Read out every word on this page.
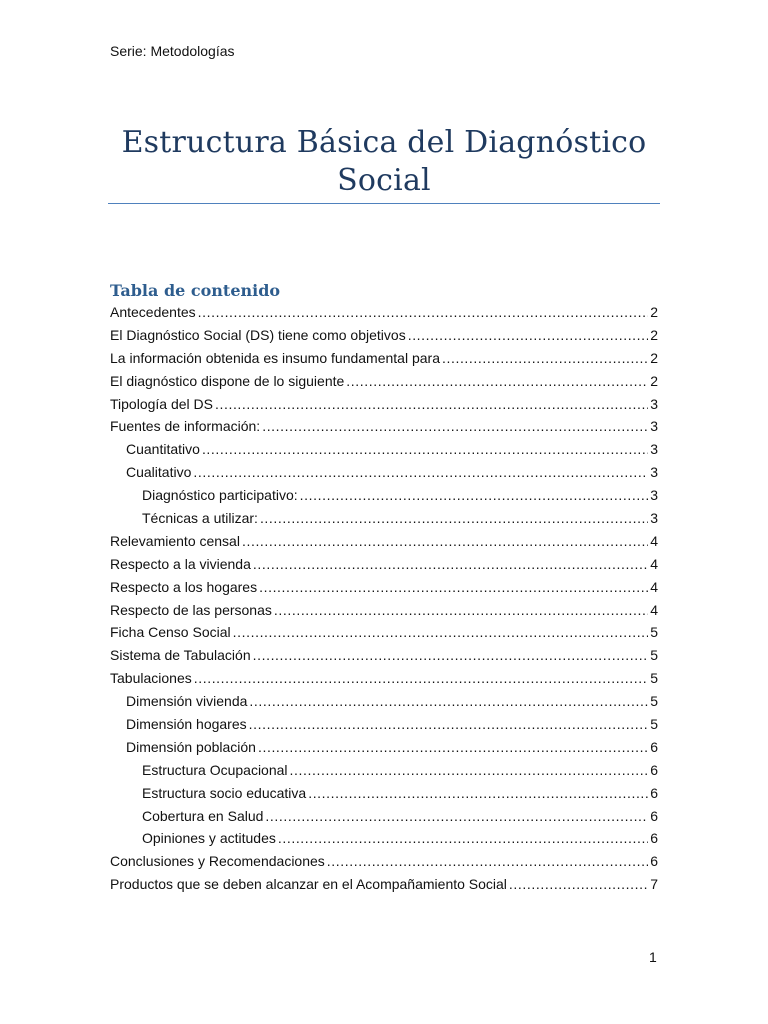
Serie: Metodologías
Estructura Básica del Diagnóstico Social
Tabla de contenido
Antecedentes .....	2
El Diagnóstico Social (DS) tiene como objetivos .....	2
La información obtenida es insumo fundamental para .....	2
El diagnóstico dispone de lo siguiente .....	2
Tipología del DS .....	3
Fuentes de información: .....	3
Cuantitativo .....	3
Cualitativo .....	3
Diagnóstico participativo: .....	3
Técnicas a utilizar: .....	3
Relevamiento censal .....	4
Respecto a la vivienda .....	4
Respecto a los hogares .....	4
Respecto de las personas .....	4
Ficha Censo Social .....	5
Sistema de Tabulación .....	5
Tabulaciones .....	5
Dimensión vivienda .....	5
Dimensión hogares .....	5
Dimensión población .....	6
Estructura Ocupacional .....	6
Estructura socio educativa .....	6
Cobertura en Salud .....	6
Opiniones y actitudes .....	6
Conclusiones y Recomendaciones .....	6
Productos que se deben alcanzar en el Acompañamiento Social .....	7
1
